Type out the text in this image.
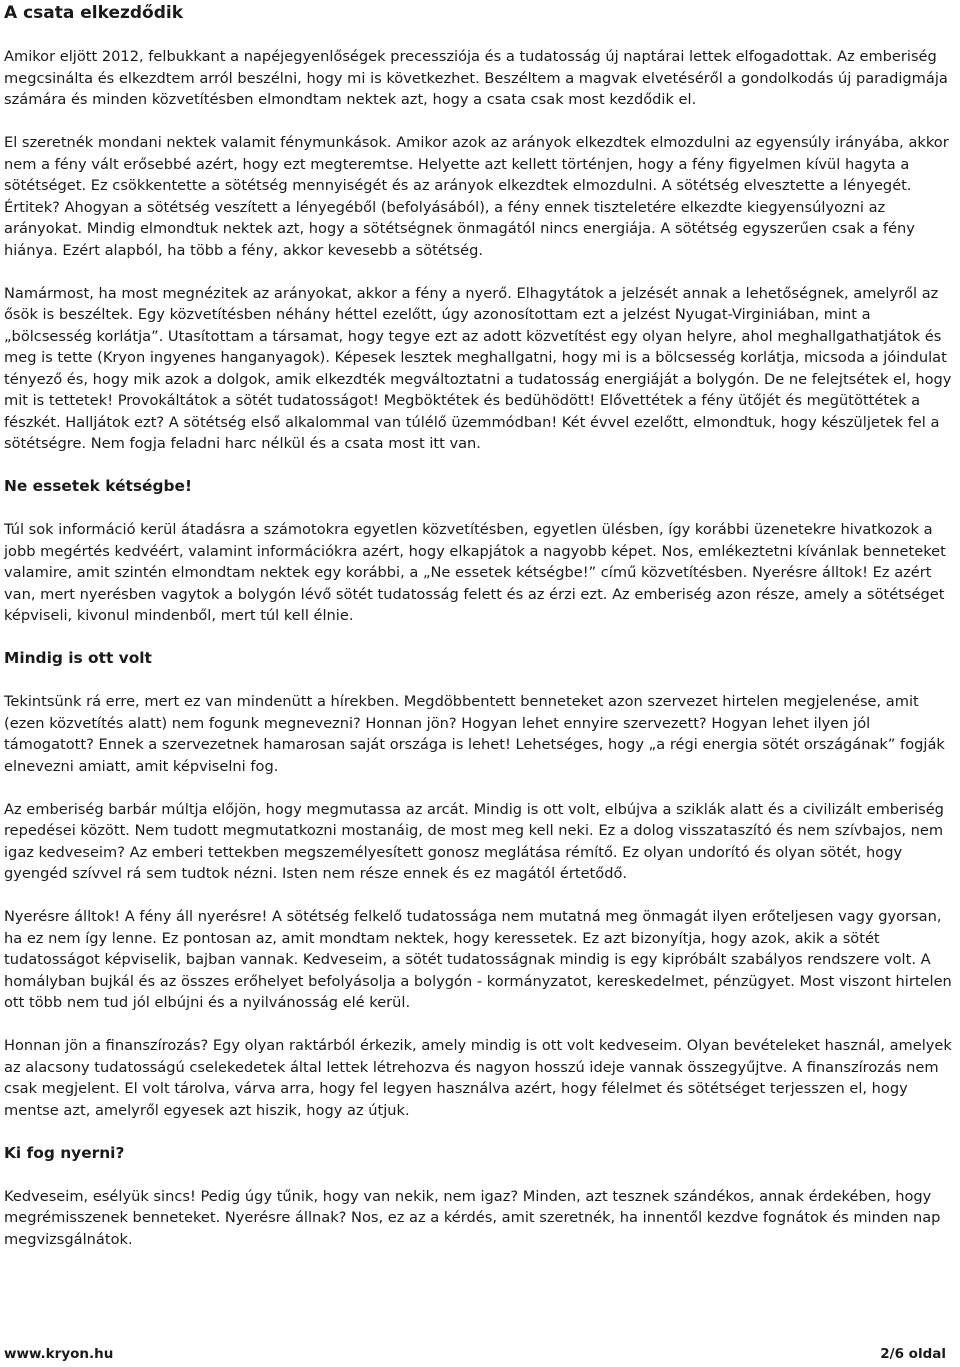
A csata elkezdődik

Amikor eljött 2012, felbukkant a napéjegyenlőségek precessziója és a tudatosság új naptárai lettek elfogadottak. Az emberiség megcsinálta és elkezdtem arról beszélni, hogy mi is következhet. Beszéltem a magvak elvetéséről a gondolkodás új paradigmája számára és minden közvetítésben elmondtam nektek azt, hogy a csata csak most kezdődik el.

El szeretnék mondani nektek valamit fénymunkások. Amikor azok az arányok elkezdtek elmozdulni az egyensúly irányába, akkor nem a fény vált erősebbé azért, hogy ezt megteremtse. Helyette azt kellett történjen, hogy a fény figyelmen kívül hagyta a sötétséget. Ez csökkentette a sötétség mennyiségét és az arányok elkezdtek elmozdulni. A sötétség elvesztette a lényegét. Értitek? Ahogyan a sötétség veszített a lényegéből (befolyásából), a fény ennek tiszteletére elkezdte kiegyensúlyozni az arányokat. Mindig elmondtuk nektek azt, hogy a sötétségnek önmagától nincs energiája. A sötétség egyszerűen csak a fény hiánya. Ezért alapból, ha több a fény, akkor kevesebb a sötétség.

Namármost, ha most megnézitek az arányokat, akkor a fény a nyerő. Elhagytátok a jelzését annak a lehetőségnek, amelyről az ősök is beszéltek. Egy közvetítésben néhány héttel ezelőtt, úgy azonosítottam ezt a jelzést Nyugat-Virginiában, mint a „bölcsesség korlátja”. Utasítottam a társamat, hogy tegye ezt az adott közvetítést egy olyan helyre, ahol meghallgathatjátok és meg is tette (Kryon ingyenes hanganyagok). Képesek lesztek meghallgatni, hogy mi is a bölcsesség korlátja, micsoda a jóindulat tényező és, hogy mik azok a dolgok, amik elkezdték megváltoztatni a tudatosság energiáját a bolygón. De ne felejtsétek el, hogy mit is tettetek! Provokáltátok a sötét tudatosságot! Megböktétek és bedühödött! Elővettétek a fény ütőjét és megütöttétek a fészkét. Halljátok ezt? A sötétség első alkalommal van túlélő üzemmódban! Két évvel ezelőtt, elmondtuk, hogy készüljetek fel a sötétségre. Nem fogja feladni harc nélkül és a csata most itt van.

Ne essetek kétségbe!

Túl sok információ kerül átadásra a számotokra egyetlen közvetítésben, egyetlen ülésben, így korábbi üzenetekre hivatkozok a jobb megértés kedvéért, valamint információkra azért, hogy elkapjátok a nagyobb képet. Nos, emlékeztetni kívánlak benneteket valamire, amit szintén elmondtam nektek egy korábbi, a „Ne essetek kétségbe!” című közvetítésben. Nyerésre álltok! Ez azért van, mert nyerésben vagytok a bolygón lévő sötét tudatosság felett és az érzi ezt. Az emberiség azon része, amely a sötétséget képviseli, kivonul mindenből, mert túl kell élnie.

Mindig is ott volt

Tekintsünk rá erre, mert ez van mindenütt a hírekben. Megdöbbentett benneteket azon szervezet hirtelen megjelenése, amit (ezen közvetítés alatt) nem fogunk megnevezni? Honnan jön? Hogyan lehet ennyire szervezett? Hogyan lehet ilyen jól támogatott? Ennek a szervezetnek hamarosan saját országa is lehet! Lehetséges, hogy „a régi energia sötét országának” fogják elnevezni amiatt, amit képviselni fog.

Az emberiség barbár múltja előjön, hogy megmutassa az arcát. Mindig is ott volt, elbújva a sziklák alatt és a civilizált emberiség repedései között. Nem tudott megmutatkozni mostanáig, de most meg kell neki. Ez a dolog visszataszító és nem szívbajos, nem igaz kedveseim? Az emberi tettekben megszemélyesített gonosz meglátása rémítő. Ez olyan undorító és olyan sötét, hogy gyengéd szívvel rá sem tudtok nézni. Isten nem része ennek és ez magától értetődő.

Nyerésre álltok! A fény áll nyerésre! A sötétség felkelő tudatossága nem mutatná meg önmagát ilyen erőteljesen vagy gyorsan, ha ez nem így lenne. Ez pontosan az, amit mondtam nektek, hogy keressetek. Ez azt bizonyítja, hogy azok, akik a sötét tudatosságot képviselik, bajban vannak. Kedveseim, a sötét tudatosságnak mindig is egy kipróbált szabályos rendszere volt. A homályban bujkál és az összes erőhelyet befolyásolja a bolygón - kormányzatot, kereskedelmet, pénzügyet. Most viszont hirtelen ott több nem tud jól elbújni és a nyilvánosság elé kerül.

Honnan jön a finanszírozás? Egy olyan raktárból érkezik, amely mindig is ott volt kedveseim. Olyan bevételeket használ, amelyek az alacsony tudatosságú cselekedetek által lettek létrehozva és nagyon hosszú ideje vannak összegyűjtve. A finanszírozás nem csak megjelent. El volt tárolva, várva arra, hogy fel legyen használva azért, hogy félelmet és sötétséget terjesszen el, hogy mentse azt, amelyről egyesek azt hiszik, hogy az útjuk.

Ki fog nyerni?

Kedveseim, esélyük sincs! Pedig úgy tűnik, hogy van nekik, nem igaz? Minden, azt tesznek szándékos, annak érdekében, hogy megrémisszenek benneteket. Nyerésre állnak? Nos, ez az a kérdés, amit szeretnék, ha innentől kezdve fognátok és minden nap megvizsgálnátok.

www.kryon.hu	2/6 oldal
